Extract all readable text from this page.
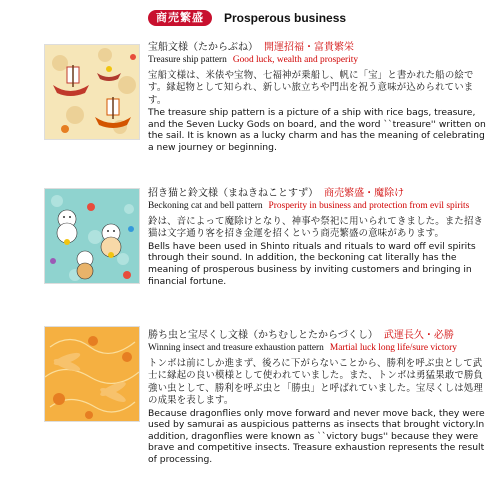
商売繁盛	Prosperous business
宝船文様（たからぶね） 開運招福・富貴繁栄
Treasure ship pattern Good luck, wealth and prosperity
宝船文様は、米俵や宝物、七福神が乗船し、帆に「宝」と書かれた船の絵です。縁起物として知られ、新しい旅立ちや門出を祝う意味が込められています。
The treasure ship pattern is a picture of a ship with rice bags, treasure, and the Seven Lucky Gods on board, and the word ``treasure'' written on the sail. It is known as a lucky charm and has the meaning of celebrating a new journey or beginning.
招き猫と鈴文様（まねきねことすず） 商売繁盛・魔除け
Beckoning cat and bell pattern Prosperity in business and protection from evil spirits
鈴は、音によって魔除けとなり、神事や祭祀に用いられてきました。また招き猫は文字通り客を招き金運を招くという商売繁盛の意味があります。
Bells have been used in Shinto rituals and rituals to ward off evil spirits through their sound. In addition, the beckoning cat literally has the meaning of prosperous business by inviting customers and bringing in financial fortune.
勝ち虫と宝尽くし文様（かちむしとたからづくし） 武運長久・必勝
Winning insect and treasure exhaustion pattern Martial luck long life/sure victory
トンボは前にしか進まず、後ろに下がらないことから、勝利を呼ぶ虫として武士に縁起の良い模様として使われていました。また、トンボは勇猛果敢で勝負強い虫として、勝利を呼ぶ虫と「勝虫」と呼ばれていました。宝尽くしは処理の成果を表します。
Because dragonflies only move forward and never move back, they were used by samurai as auspicious patterns as insects that brought victory.In addition, dragonflies were known as ``victory bugs'' because they were brave and competitive insects. Treasure exhaustion represents the result of processing.
